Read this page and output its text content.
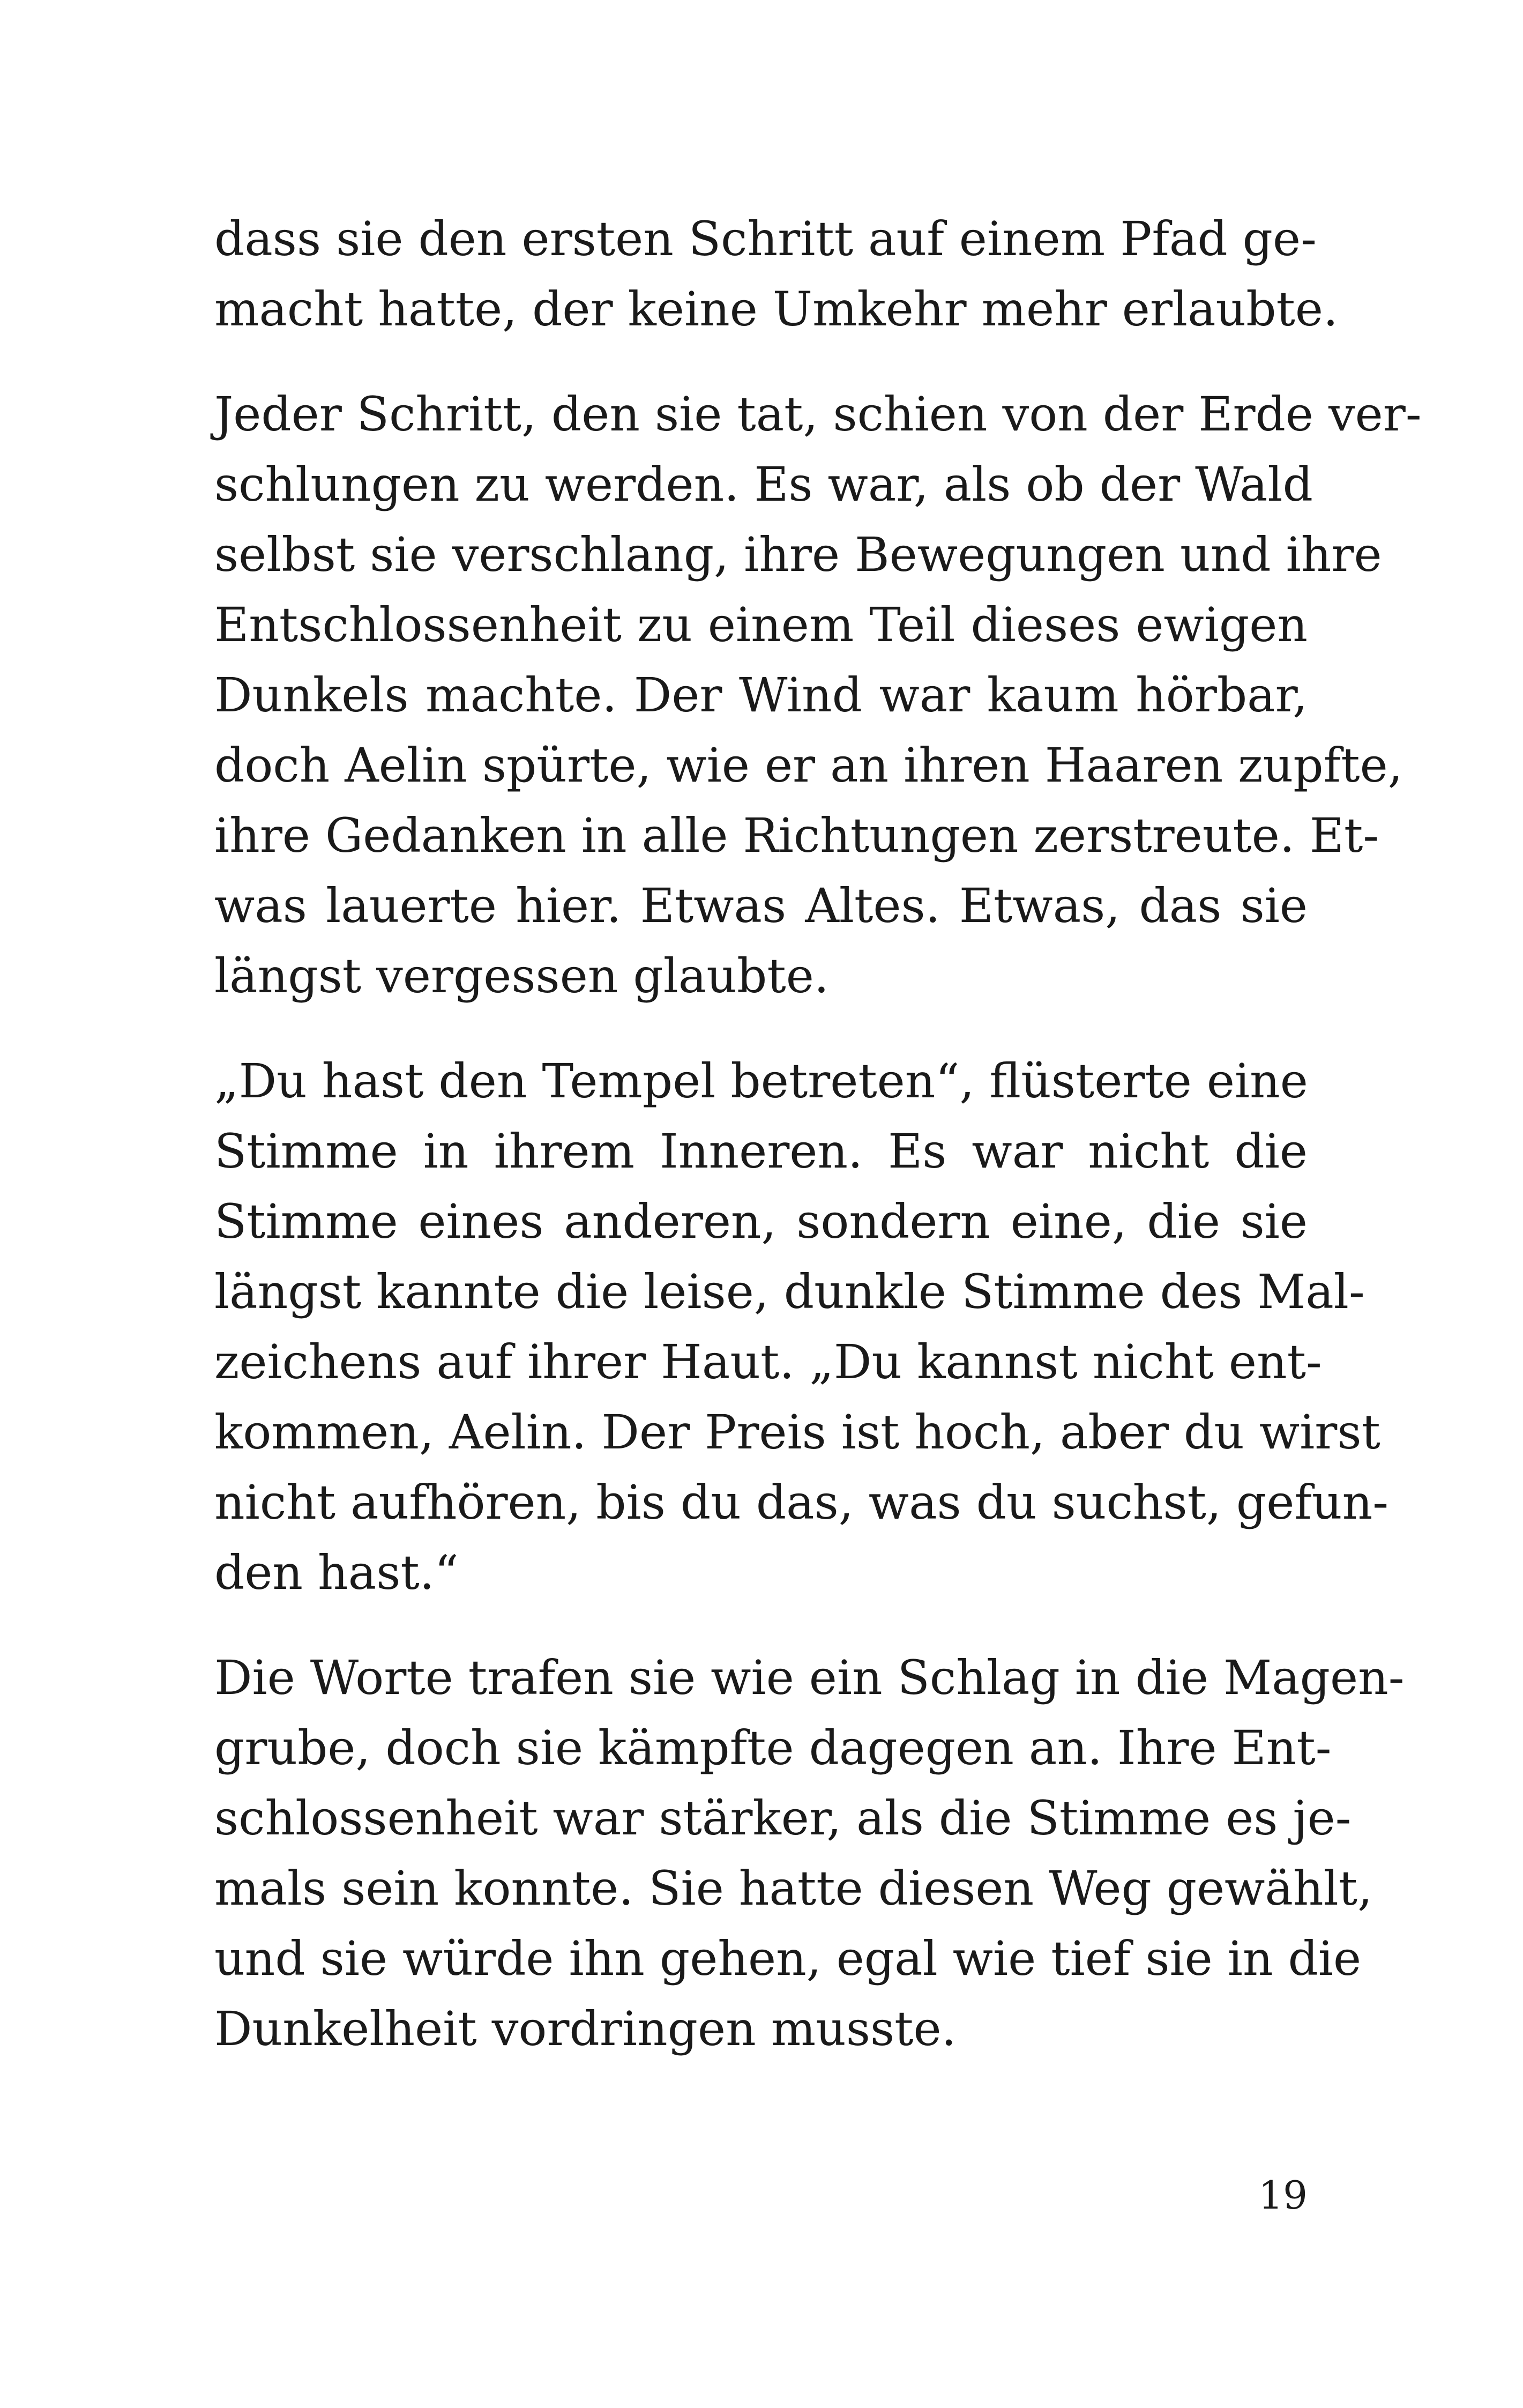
dass sie den ersten Schritt auf einem Pfad ge-
macht hatte, der keine Umkehr mehr erlaubte.
Jeder Schritt, den sie tat, schien von der Erde ver-
schlungen zu werden. Es war, als ob der Wald
selbst sie verschlang, ihre Bewegungen und ihre
Entschlossenheit zu einem Teil dieses ewigen
Dunkels machte. Der Wind war kaum hörbar,
doch Aelin spürte, wie er an ihren Haaren zupfte,
ihre Gedanken in alle Richtungen zerstreute. Et-
was lauerte hier. Etwas Altes. Etwas, das sie
längst vergessen glaubte.
„Du hast den Tempel betreten“, flüsterte eine
Stimme in ihrem Inneren. Es war nicht die
Stimme eines anderen, sondern eine, die sie
längst kannte die leise, dunkle Stimme des Mal-
zeichens auf ihrer Haut. „Du kannst nicht ent-
kommen, Aelin. Der Preis ist hoch, aber du wirst
nicht aufhören, bis du das, was du suchst, gefun-
den hast.“
Die Worte trafen sie wie ein Schlag in die Magen-
grube, doch sie kämpfte dagegen an. Ihre Ent-
schlossenheit war stärker, als die Stimme es je-
mals sein konnte. Sie hatte diesen Weg gewählt,
und sie würde ihn gehen, egal wie tief sie in die
Dunkelheit vordringen musste.
19
